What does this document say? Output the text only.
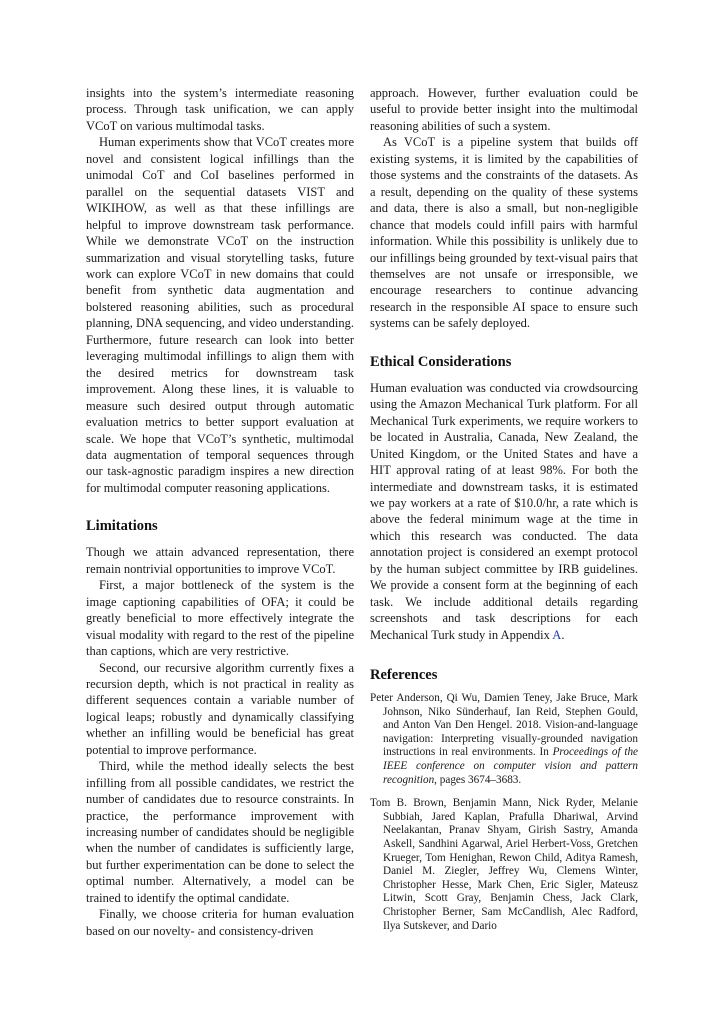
insights into the system’s intermediate reasoning process. Through task unification, we can apply VCoT on various multimodal tasks.

Human experiments show that VCoT creates more novel and consistent logical infillings than the unimodal CoT and CoI baselines performed in parallel on the sequential datasets VIST and WIKIHOW, as well as that these infillings are helpful to improve downstream task performance. While we demonstrate VCoT on the instruction summarization and visual storytelling tasks, future work can explore VCoT in new domains that could benefit from synthetic data augmentation and bolstered reasoning abilities, such as procedural planning, DNA sequencing, and video understanding. Furthermore, future research can look into better leveraging multimodal infillings to align them with the desired metrics for downstream task improvement. Along these lines, it is valuable to measure such desired output through automatic evaluation metrics to better support evaluation at scale. We hope that VCoT’s synthetic, multimodal data augmentation of temporal sequences through our task-agnostic paradigm inspires a new direction for multimodal computer reasoning applications.

Limitations

Though we attain advanced representation, there remain nontrivial opportunities to improve VCoT.

First, a major bottleneck of the system is the image captioning capabilities of OFA; it could be greatly beneficial to more effectively integrate the visual modality with regard to the rest of the pipeline than captions, which are very restrictive.

Second, our recursive algorithm currently fixes a recursion depth, which is not practical in reality as different sequences contain a variable number of logical leaps; robustly and dynamically classifying whether an infilling would be beneficial has great potential to improve performance.

Third, while the method ideally selects the best infilling from all possible candidates, we restrict the number of candidates due to resource constraints. In practice, the performance improvement with increasing number of candidates should be negligible when the number of candidates is sufficiently large, but further experimentation can be done to select the optimal number. Alternatively, a model can be trained to identify the optimal candidate.

Finally, we choose criteria for human evaluation based on our novelty- and consistency-driven

approach. However, further evaluation could be useful to provide better insight into the multimodal reasoning abilities of such a system.

As VCoT is a pipeline system that builds off existing systems, it is limited by the capabilities of those systems and the constraints of the datasets. As a result, depending on the quality of these systems and data, there is also a small, but non-negligible chance that models could infill pairs with harmful information. While this possibility is unlikely due to our infillings being grounded by text-visual pairs that themselves are not unsafe or irresponsible, we encourage researchers to continue advancing research in the responsible AI space to ensure such systems can be safely deployed.

Ethical Considerations

Human evaluation was conducted via crowdsourcing using the Amazon Mechanical Turk platform. For all Mechanical Turk experiments, we require workers to be located in Australia, Canada, New Zealand, the United Kingdom, or the United States and have a HIT approval rating of at least 98%. For both the intermediate and downstream tasks, it is estimated we pay workers at a rate of $10.0/hr, a rate which is above the federal minimum wage at the time in which this research was conducted. The data annotation project is considered an exempt protocol by the human subject committee by IRB guidelines. We provide a consent form at the beginning of each task. We include additional details regarding screenshots and task descriptions for each Mechanical Turk study in Appendix A.

References
Peter Anderson, Qi Wu, Damien Teney, Jake Bruce, Mark Johnson, Niko Sünderhauf, Ian Reid, Stephen Gould, and Anton Van Den Hengel. 2018. Vision-and-language navigation: Interpreting visually-grounded navigation instructions in real environments. In Proceedings of the IEEE conference on computer vision and pattern recognition, pages 3674–3683.
Tom B. Brown, Benjamin Mann, Nick Ryder, Melanie Subbiah, Jared Kaplan, Prafulla Dhariwal, Arvind Neelakantan, Pranav Shyam, Girish Sastry, Amanda Askell, Sandhini Agarwal, Ariel Herbert-Voss, Gretchen Krueger, Tom Henighan, Rewon Child, Aditya Ramesh, Daniel M. Ziegler, Jeffrey Wu, Clemens Winter, Christopher Hesse, Mark Chen, Eric Sigler, Mateusz Litwin, Scott Gray, Benjamin Chess, Jack Clark, Christopher Berner, Sam McCandlish, Alec Radford, Ilya Sutskever, and Dario
